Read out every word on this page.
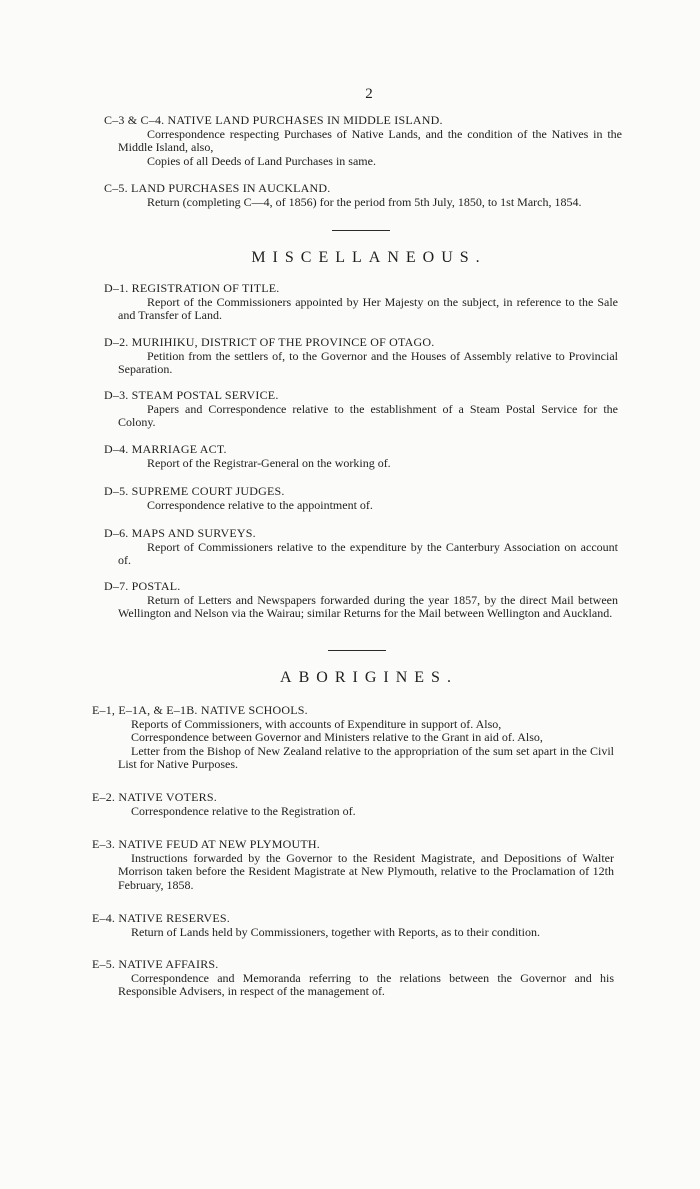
2
C–3 & C–4. NATIVE LAND PURCHASES IN MIDDLE ISLAND.

Correspondence respecting Purchases of Native Lands, and the condition of the Natives in the Middle Island, also,

Copies of all Deeds of Land Purchases in same.

C–5. LAND PURCHASES IN AUCKLAND.

Return (completing C—4, of 1856) for the period from 5th July, 1850, to 1st March, 1854.

MISCELLANEOUS.
D–1. REGISTRATION OF TITLE.

Report of the Commissioners appointed by Her Majesty on the subject, in reference to the Sale and Transfer of Land.

D–2. MURIHIKU, DISTRICT OF THE PROVINCE OF OTAGO.

Petition from the settlers of, to the Governor and the Houses of Assembly relative to Provincial Separation.

D–3. STEAM POSTAL SERVICE.

Papers and Correspondence relative to the establishment of a Steam Postal Service for the Colony.

D–4. MARRIAGE ACT.

Report of the Registrar-General on the working of.

D–5. SUPREME COURT JUDGES.

Correspondence relative to the appointment of.

D–6. MAPS AND SURVEYS.

Report of Commissioners relative to the expenditure by the Canterbury Association on account of.

D–7. POSTAL.

Return of Letters and Newspapers forwarded during the year 1857, by the direct Mail between Wellington and Nelson via the Wairau; similar Returns for the Mail between Wellington and Auckland.

ABORIGINES.
E–1, E–1A, & E–1B. NATIVE SCHOOLS.

Reports of Commissioners, with accounts of Expenditure in support of. Also,

Correspondence between Governor and Ministers relative to the Grant in aid of. Also,

Letter from the Bishop of New Zealand relative to the appropriation of the sum set apart in the Civil List for Native Purposes.

E–2. NATIVE VOTERS.

Correspondence relative to the Registration of.

E–3. NATIVE FEUD AT NEW PLYMOUTH.

Instructions forwarded by the Governor to the Resident Magistrate, and Depositions of Walter Morrison taken before the Resident Magistrate at New Plymouth, relative to the Proclamation of 12th February, 1858.

E–4. NATIVE RESERVES.

Return of Lands held by Commissioners, together with Reports, as to their condition.

E–5. NATIVE AFFAIRS.

Correspondence and Memoranda referring to the relations between the Governor and his Responsible Advisers, in respect of the management of.
